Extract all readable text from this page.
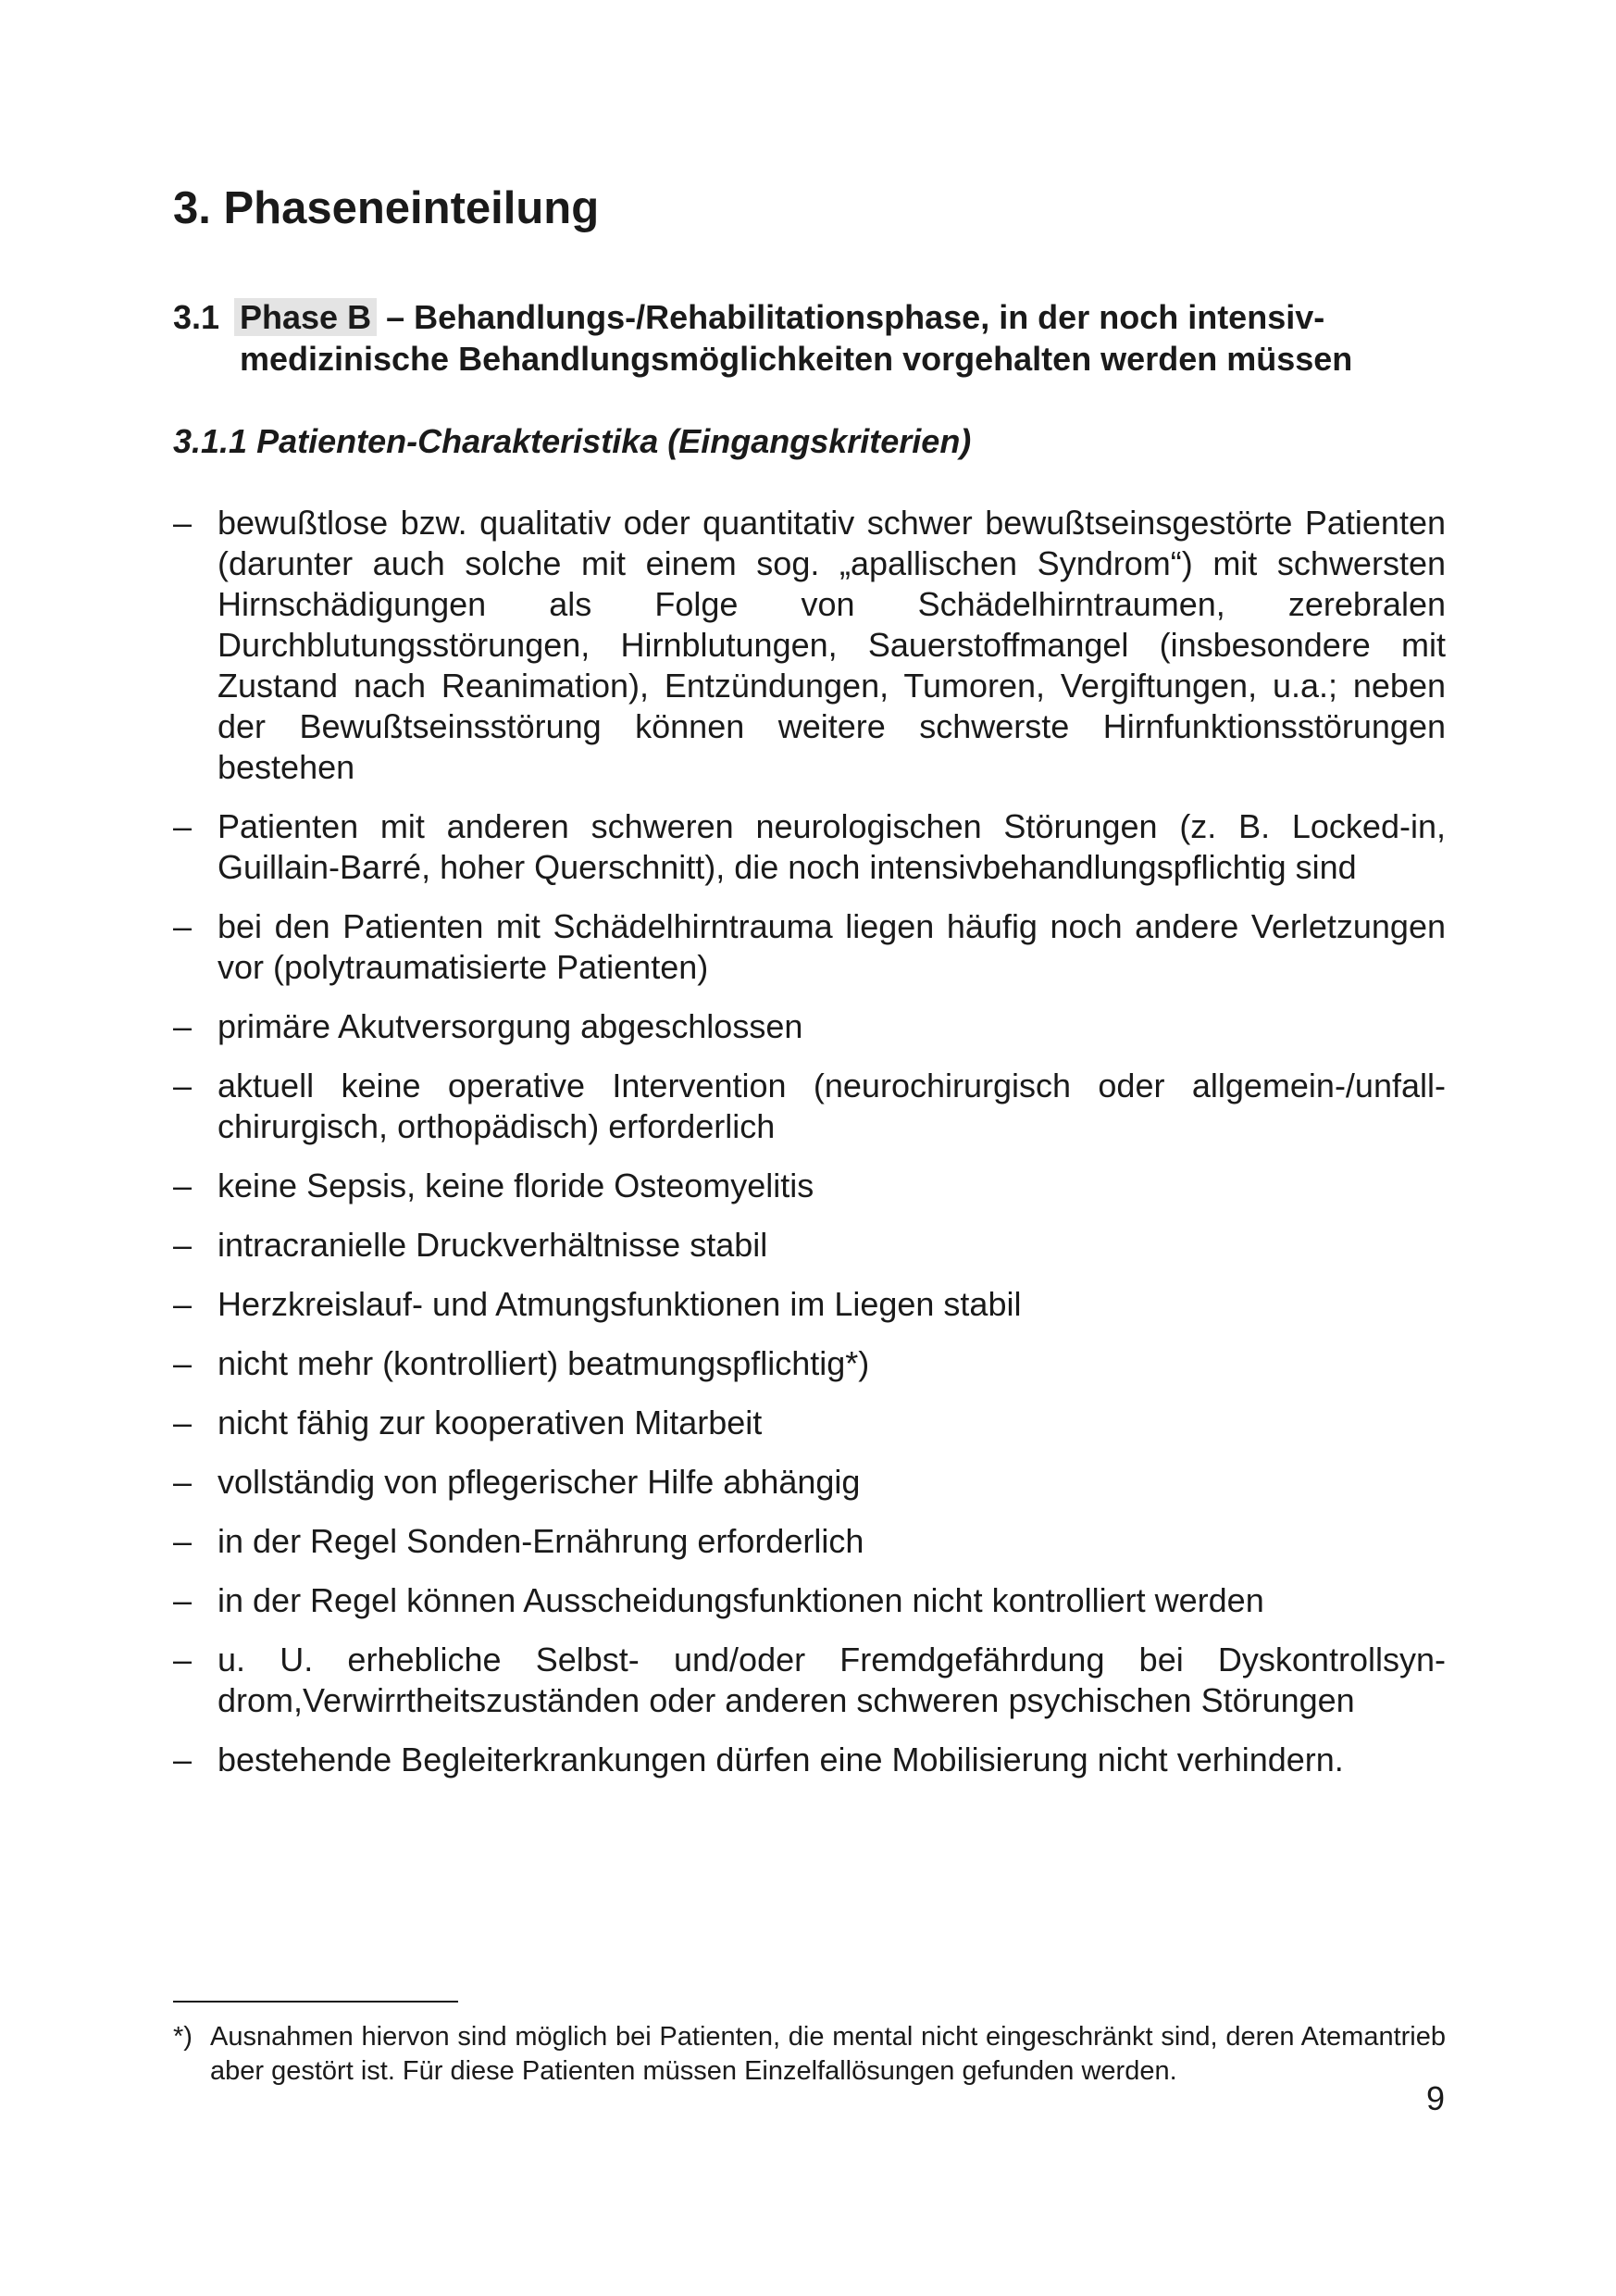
3. Phaseneinteilung
3.1 Phase B – Behandlungs-/Rehabilitationsphase, in der noch intensivmedizinische Behandlungsmöglichkeiten vorgehalten werden müssen
3.1.1 Patienten-Charakteristika (Eingangskriterien)
– bewußtlose bzw. qualitativ oder quantitativ schwer bewußtseinsgestörte Patienten (darunter auch solche mit einem sog. „apallischen Syndrom“) mit schwersten Hirnschädigungen als Folge von Schädelhirntraumen, zerebralen Durchblutungsstörungen, Hirnblutungen, Sauerstoffmangel (insbesondere mit Zustand nach Reanimation), Entzündungen, Tumoren, Vergiftungen, u.a.; neben der Bewußtseinsstörung können weitere schwerste Hirnfunktionsstörungen bestehen
– Patienten mit anderen schweren neurologischen Störungen (z. B. Locked-in, Guillain-Barré, hoher Querschnitt), die noch intensivbehandlungspflichtig sind
– bei den Patienten mit Schädelhirntrauma liegen häufig noch andere Verletzungen vor (polytraumatisierte Patienten)
– primäre Akutversorgung abgeschlossen
– aktuell keine operative Intervention (neurochirurgisch oder allgemein-/unfallchirurgisch, orthopädisch) erforderlich
– keine Sepsis, keine floride Osteomyelitis
– intracranielle Druckverhältnisse stabil
– Herzkreislauf- und Atmungsfunktionen im Liegen stabil
– nicht mehr (kontrolliert) beatmungspflichtig*)
– nicht fähig zur kooperativen Mitarbeit
– vollständig von pflegerischer Hilfe abhängig
– in der Regel Sonden-Ernährung erforderlich
– in der Regel können Ausscheidungsfunktionen nicht kontrolliert werden
– u. U. erhebliche Selbst- und/oder Fremdgefährdung bei Dyskontrollsyndrom,Verwirrtheitszuständen oder anderen schweren psychischen Störungen
– bestehende Begleiterkrankungen dürfen eine Mobilisierung nicht verhindern.
*) Ausnahmen hiervon sind möglich bei Patienten, die mental nicht eingeschränkt sind, deren Atemantrieb aber gestört ist. Für diese Patienten müssen Einzelfallösungen gefunden werden.
9
